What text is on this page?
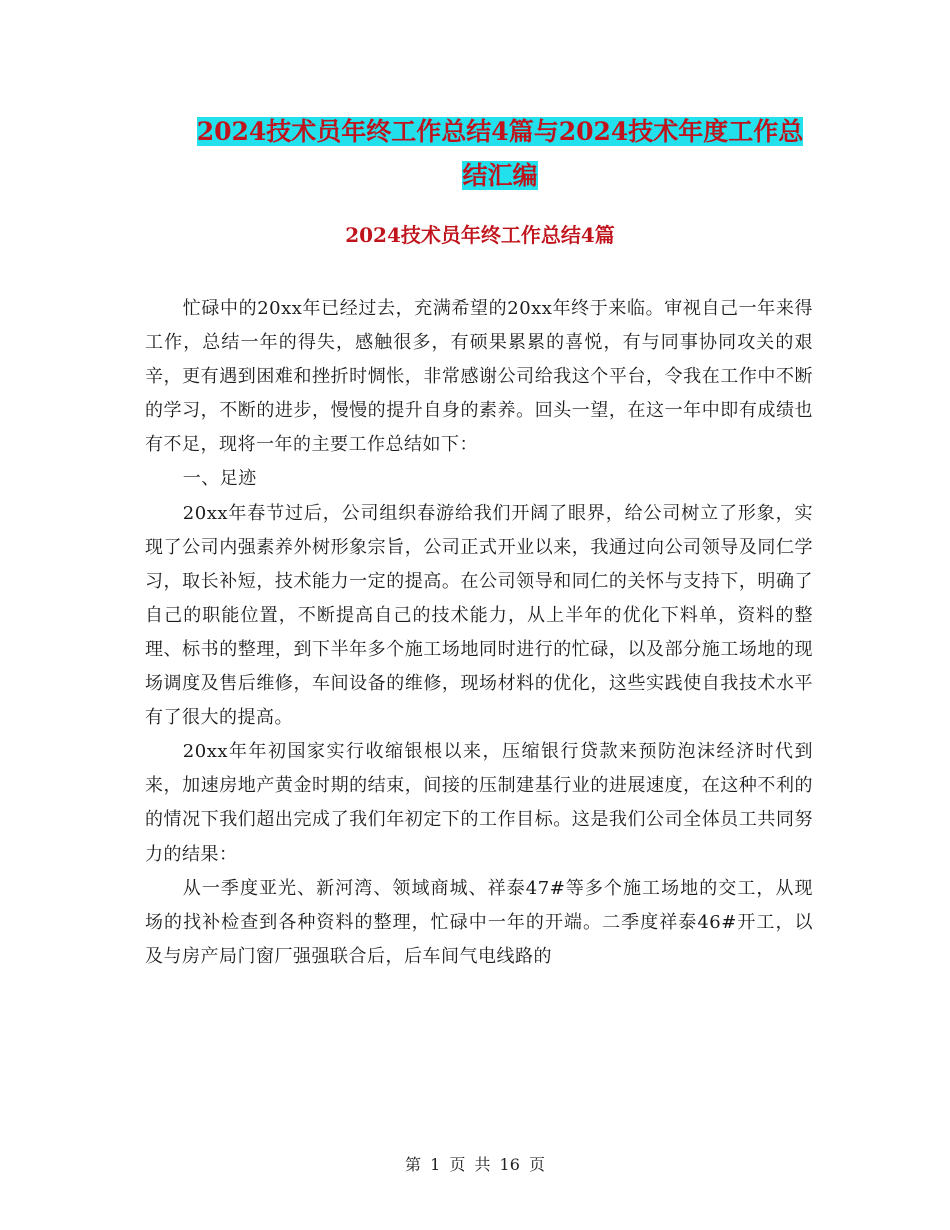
2024技术员年终工作总结4篇与2024技术年度工作总
结汇编
2024技术员年终工作总结4篇

忙碌中的20xx年已经过去，充满希望的20xx年终于来临。审视自己一年来得工作，总结一年的得失，感触很多，有硕果累累的喜悦，有与同事协同攻关的艰辛，更有遇到困难和挫折时惆怅，非常感谢公司给我这个平台，令我在工作中不断的学习，不断的进步，慢慢的提升自身的素养。回头一望，在这一年中即有成绩也有不足，现将一年的主要工作总结如下：

一、足迹

20xx年春节过后，公司组织春游给我们开阔了眼界，给公司树立了形象，实现了公司内强素养外树形象宗旨，公司正式开业以来，我通过向公司领导及同仁学习，取长补短，技术能力一定的提高。在公司领导和同仁的关怀与支持下，明确了自己的职能位置，不断提高自己的技术能力，从上半年的优化下料单，资料的整理、标书的整理，到下半年多个施工场地同时进行的忙碌，以及部分施工场地的现场调度及售后维修，车间设备的维修，现场材料的优化，这些实践使自我技术水平有了很大的提高。

20xx年年初国家实行收缩银根以来，压缩银行贷款来预防泡沫经济时代到来，加速房地产黄金时期的结束，间接的压制建基行业的进展速度，在这种不利的的情况下我们超出完成了我们年初定下的工作目标。这是我们公司全体员工共同努力的结果：

从一季度亚光、新河湾、领域商城、祥泰47#等多个施工场地的交工，从现场的找补检查到各种资料的整理，忙碌中一年的开端。二季度祥泰46#开工，以及与房产局门窗厂强强联合后，后车间气电线路的

第 1 页 共 16 页
